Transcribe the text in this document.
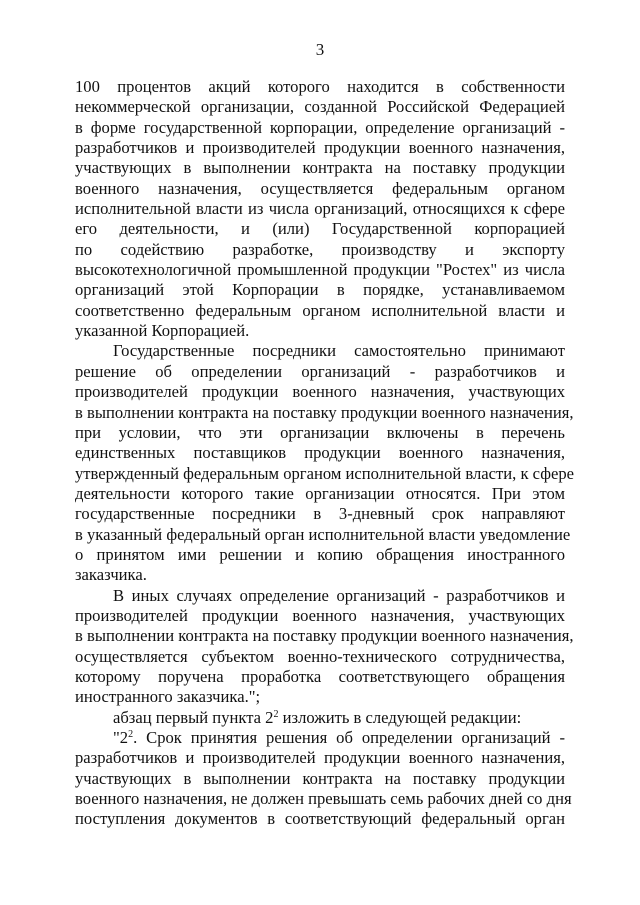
3
100 процентов акций которого находится в собственности
некоммерческой организации, созданной Российской Федерацией
в форме государственной корпорации, определение организаций -
разработчиков и производителей продукции военного назначения,
участвующих в выполнении контракта на поставку продукции
военного назначения, осуществляется федеральным органом
исполнительной власти из числа организаций, относящихся к сфере
его деятельности, и (или) Государственной корпорацией
по содействию разработке, производству и экспорту
высокотехнологичной промышленной продукции "Ростех" из числа
организаций этой Корпорации в порядке, устанавливаемом
соответственно федеральным органом исполнительной власти и
указанной Корпорацией.
Государственные посредники самостоятельно принимают
решение об определении организаций - разработчиков и
производителей продукции военного назначения, участвующих
в выполнении контракта на поставку продукции военного назначения,
при условии, что эти организации включены в перечень
единственных поставщиков продукции военного назначения,
утвержденный федеральным органом исполнительной власти, к сфере
деятельности которого такие организации относятся. При этом
государственные посредники в 3-дневный срок направляют
в указанный федеральный орган исполнительной власти уведомление
о принятом ими решении и копию обращения иностранного
заказчика.
В иных случаях определение организаций - разработчиков и
производителей продукции военного назначения, участвующих
в выполнении контракта на поставку продукции военного назначения,
осуществляется субъектом военно-технического сотрудничества,
которому поручена проработка соответствующего обращения
иностранного заказчика.";
абзац первый пункта $2^2$ изложить в следующей редакции:
"$2^2$. Срок принятия решения об определении организаций -
разработчиков и производителей продукции военного назначения,
участвующих в выполнении контракта на поставку продукции
военного назначения, не должен превышать семь рабочих дней со дня
поступления документов в соответствующий федеральный орган
